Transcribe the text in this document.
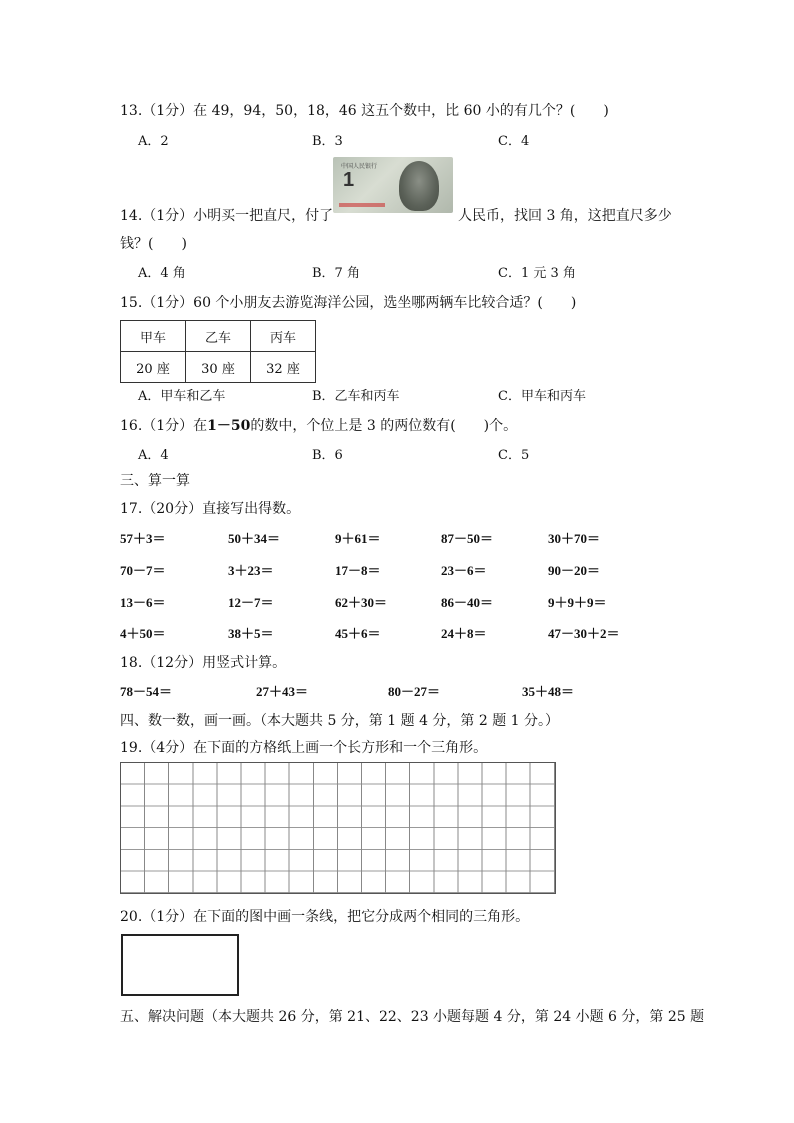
13.（1分）在 49，94，50，18，46 这五个数中，比 60 小的有几个？(　　)
A．2	B．3	C．4
中国人民银行
1
14.（1分）小明买一把直尺，付了	人民币，找回 3 角，这把直尺多少
钱？(　　)
A．4 角	B．7 角	C．1 元 3 角
15.（1分）60 个小朋友去游览海洋公园，选坐哪两辆车比较合适？(　　)
甲车	乙车	丙车
20 座	30 座	32 座
A．甲车和乙车	B．乙车和丙车	C．甲车和丙车
16.（1分）在1－50的数中，个位上是 3 的两位数有(　　)个。
A．4	B．6	C．5
三、算一算
17.（20分）直接写出得数。
57＋3＝	50＋34＝	9＋61＝	87－50＝	30＋70＝
70－7＝	3＋23＝	17－8＝	23－6＝	90－20＝
13－6＝	12－7＝	62＋30＝	86－40＝	9＋9＋9＝
4＋50＝	38＋5＝	45＋6＝	24＋8＝	47－30＋2＝
18.（12分）用竖式计算。
78－54＝	27＋43＝	80－27＝	35＋48＝
四、数一数，画一画。（本大题共 5 分，第 1 题 4 分，第 2 题 1 分。）
19.（4分）在下面的方格纸上画一个长方形和一个三角形。
20.（1分）在下面的图中画一条线，把它分成两个相同的三角形。
五、解决问题（本大题共 26 分，第 21、22、23 小题每题 4 分，第 24 小题 6 分，第 25 题
